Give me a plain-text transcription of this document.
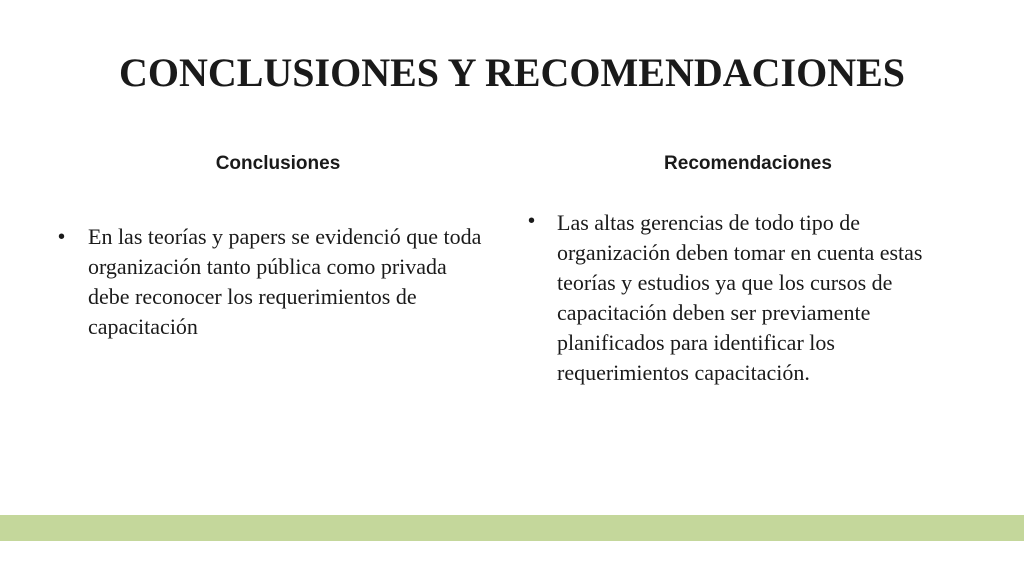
CONCLUSIONES Y RECOMENDACIONES
Conclusiones	Recomendaciones
• En las teorías y papers se evidenció que toda organización tanto pública como privada debe reconocer los requerimientos de capacitación

• Las altas gerencias de todo tipo de organización deben tomar en cuenta estas teorías y estudios ya que los cursos de capacitación deben ser previamente planificados para identificar los requerimientos capacitación.
